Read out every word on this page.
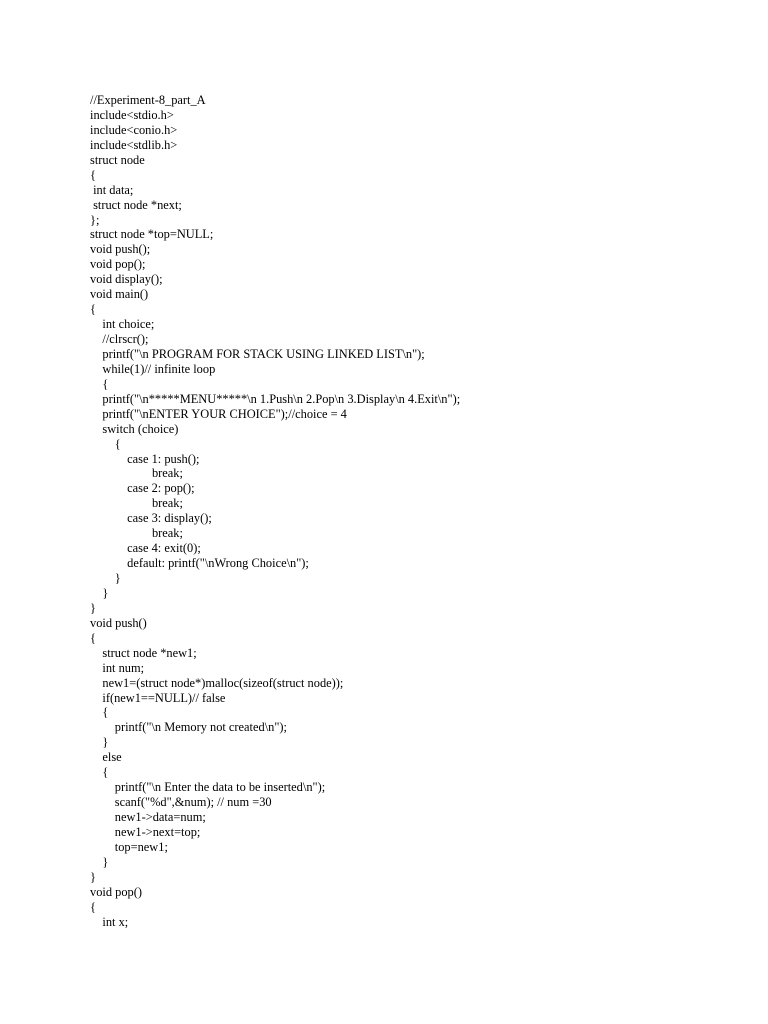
//Experiment-8_part_A
include<stdio.h>
include<conio.h>
include<stdlib.h>
struct node
{
int data;
struct node *next;
};
struct node *top=NULL;
void push();
void pop();
void display();
void main()
{
int choice;
//clrscr();
printf("\n PROGRAM FOR STACK USING LINKED LIST\n");
while(1)// infinite loop
{
printf("\n*****MENU*****\n 1.Push\n 2.Pop\n 3.Display\n 4.Exit\n");
printf("\nENTER YOUR CHOICE");//choice = 4
switch (choice)
{
case 1: push();
break;
case 2: pop();
break;
case 3: display();
break;
case 4: exit(0);
default: printf("\nWrong Choice\n");
}
}
}
void push()
{
struct node *new1;
int num;
new1=(struct node*)malloc(sizeof(struct node));
if(new1==NULL)// false
{
printf("\n Memory not created\n");
}
else
{
printf("\n Enter the data to be inserted\n");
scanf("%d",&num); // num =30
new1->data=num;
new1->next=top;
top=new1;
}
}
void pop()
{
int x;
